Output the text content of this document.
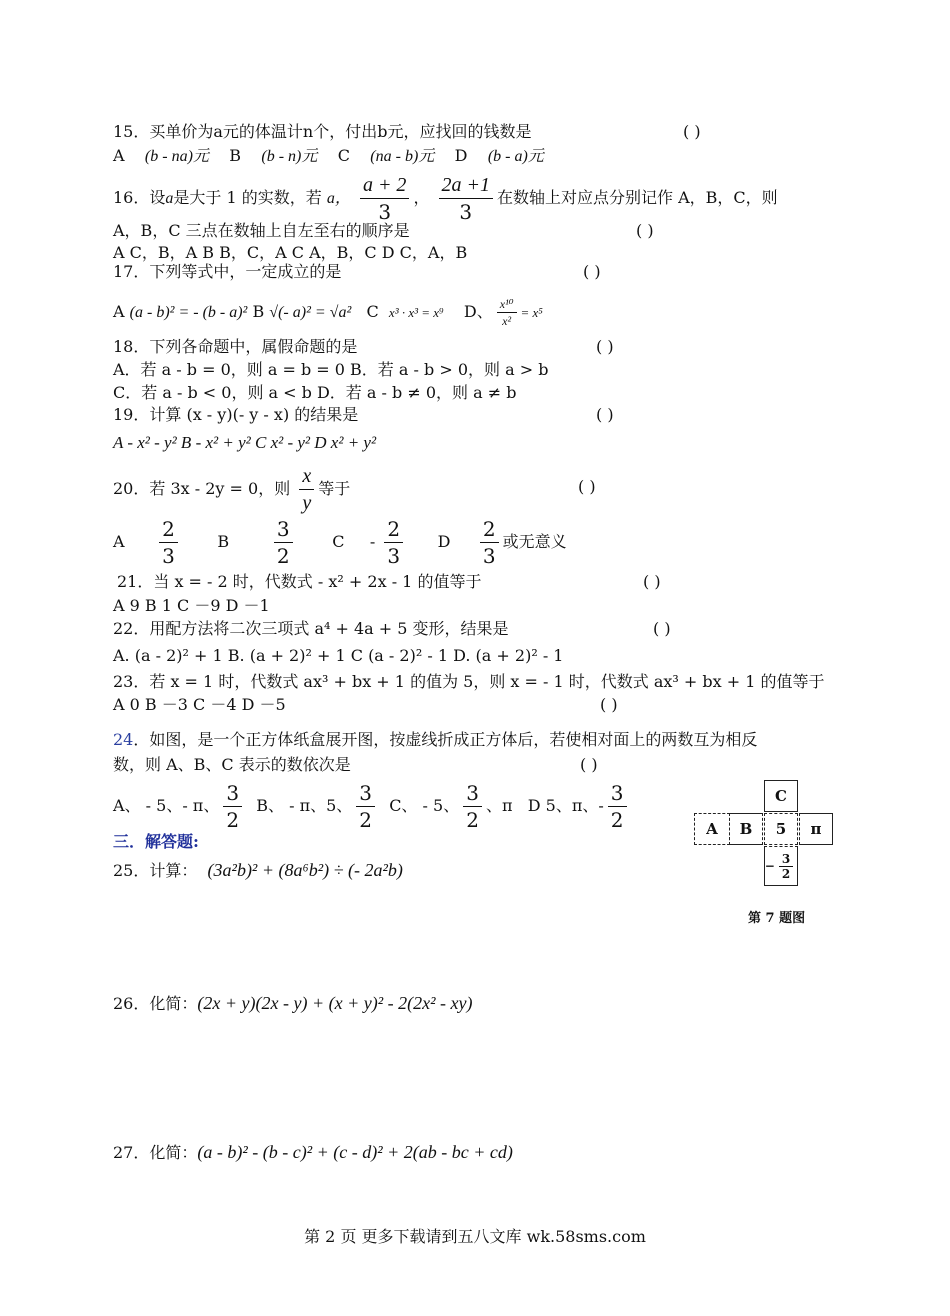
15．买单价为a元的体温计n个，付出b元，应找回的钱数是	( )
A (b - na)元 B (b - n)元 C (na - b)元 D (b - a)元
16．设a是大于 1 的实数，若 a， $\frac{a + 2}{3}$ ， $\frac{2a +1}{3}$ 在数轴上对应点分别记作 A，B，C，则
A，B，C 三点在数轴上自左至右的顺序是	( )
A C，B，A B B，C，A C A，B，C D C，A，B
17．下列等式中，一定成立的是	( )
A (a - b)² = - (b - a)² B √(- a)² = √a² C x³ · x³ = x⁹ D、 $\frac{\text{x¹⁰}}{\text{x²}} = x^5$
18．下列各命题中，属假命题的是	( )
A．若 a - b = 0，则 a = b = 0 B．若 a - b > 0，则 a > b
C．若 a - b < 0，则 a < b D．若 a - b ≠ 0，则 a ≠ b
19．计算 (x - y)(- y - x) 的结果是	( )
A - x² - y² B - x² + y² C x² - y² D x² + y²
20．若 3x - 2y = 0，则 $\frac{x}{y}$ 等于	( )
A $\frac{2}{3}$ B $\frac{3}{2}$ C - $\frac{2}{3}$ D $\frac{2}{3}$ 或无意义
21．当 x = - 2 时，代数式 - x² + 2x - 1 的值等于	( )
A 9 B 1 C －9 D －1
22．用配方法将二次三项式 a⁴ + 4a + 5 变形，结果是	( )
A. (a - 2)² + 1 B. (a + 2)² + 1 C (a - 2)² - 1 D. (a + 2)² - 1
23．若 x = 1 时，代数式 ax³ + bx + 1 的值为 5，则 x = - 1 时，代数式 ax³ + bx + 1 的值等于
A 0 B －3 C －4 D －5	( )
24．如图，是一个正方体纸盒展开图，按虚线折成正方体后，若使相对面上的两数互为相反
数，则 A、B、C 表示的数依次是	( )
A、 - 5、- π、 $\frac{3}{2}$ B、 - π、5、 $\frac{3}{2}$ C、 - 5、 $\frac{3}{2}$ 、π D 5、π、- $\frac{3}{2}$	C
A	B	5	π
− $\frac{3}{2}$
第 7 题图
三．解答题:
25．计算： (3a²b)² + (8a⁶b²) ÷ (- 2a²b)
26．化简：(2x + y)(2x - y) + (x + y)² - 2(2x² - xy)
27．化简：(a - b)² - (b - c)² + (c - d)² + 2(ab - bc + cd)
第 2 页 更多下载请到五八文库 wk.58sms.com
